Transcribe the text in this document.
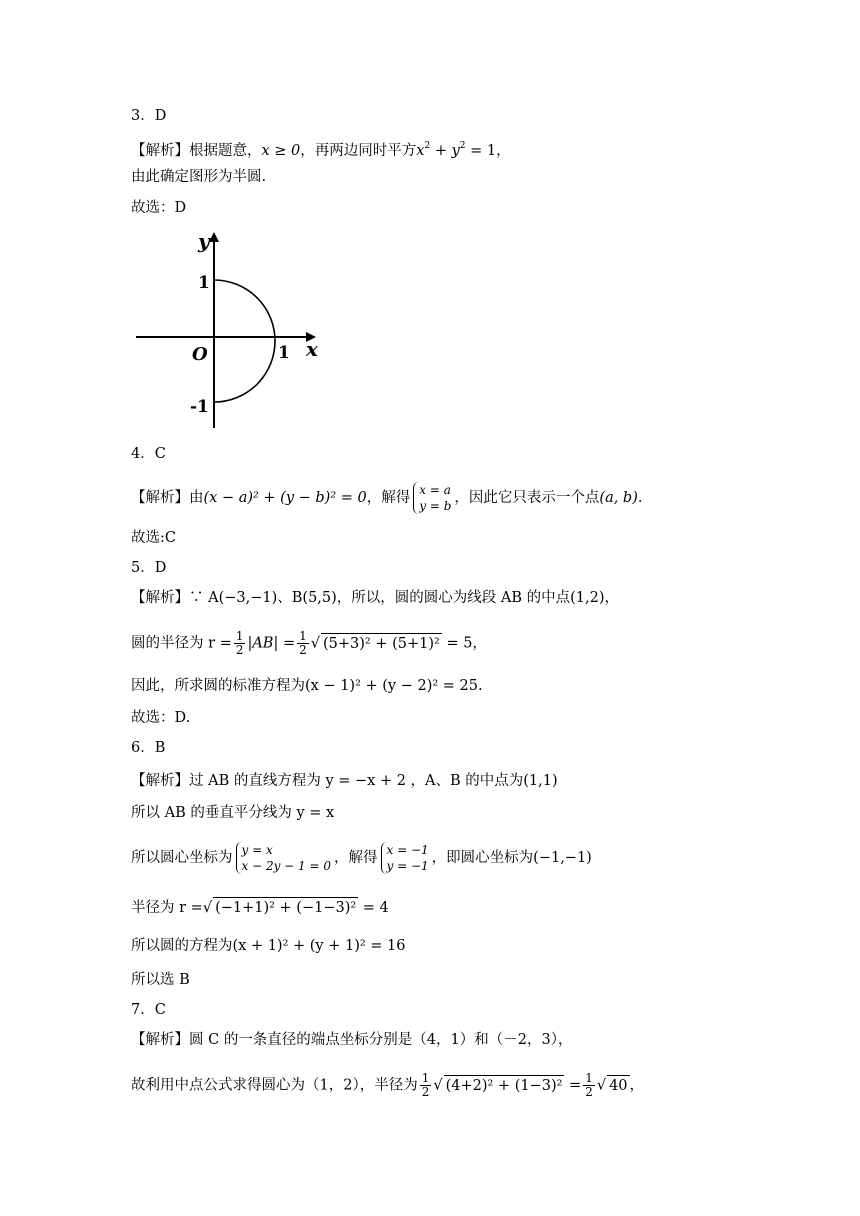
3．D
【解析】根据题意，x ≥ 0，再两边同时平方$x^2 + y^2 = 1$，
由此确定图形为半圆.
故选：D
y
x
O
1
1
-1
4．C
【解析】由(x − a)² + (y − b)² = 0，解得 x = a
y = b ，因此它只表示一个点(a, b).
故选:C
5．D
【解析】∵ A(−3,−1)、B(5,5)，所以，圆的圆心为线段 AB 的中点(1,2)，
圆的半径为 $r = \frac{1}{2} |AB| = \frac{1}{2}$ √ (5+3)² + (5+1)² = 5，
因此，所求圆的标准方程为(x − 1)² + (y − 2)² = 25.
故选：D.
6．B
【解析】过 AB 的直线方程为 y = −x + 2 ，A、B 的中点为(1,1)
所以 AB 的垂直平分线为 y = x
所以圆心坐标为 y = x
x − 2y − 1 = 0 ，解得 x = −1
y = −1 ，即圆心坐标为(−1,−1)
半径为 r =√ (−1+1)² + (−1−3)² = 4
所以圆的方程为(x + 1)² + (y + 1)² = 16
所以选 B
7．C
【解析】圆 C 的一条直径的端点坐标分别是（4，1）和（－2，3），
故利用中点公式求得圆心为（1，2），半径为 $\frac{1}{2}$ √ $(4+2)^2 + (1-3)^2 = \frac{1}{2}$ √ 40 ，
